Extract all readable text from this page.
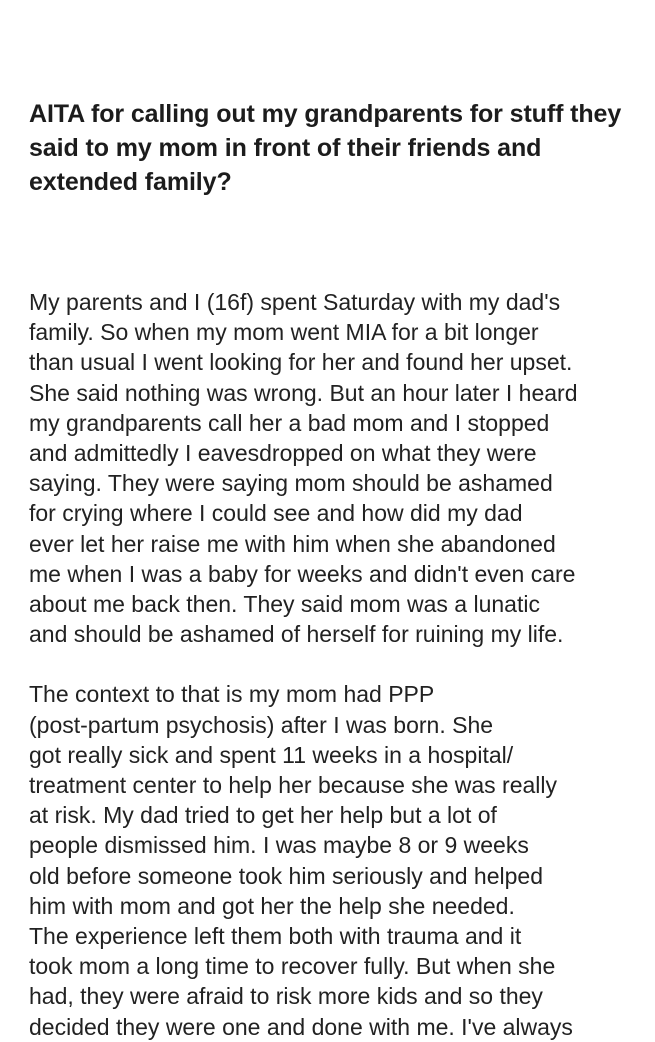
AITA for calling out my grandparents for stuff they said to my mom in front of their friends and extended family?

My parents and I (16f) spent Saturday with my dad's
family. So when my mom went MIA for a bit longer
than usual I went looking for her and found her upset.
She said nothing was wrong. But an hour later I heard
my grandparents call her a bad mom and I stopped
and admittedly I eavesdropped on what they were
saying. They were saying mom should be ashamed
for crying where I could see and how did my dad
ever let her raise me with him when she abandoned
me when I was a baby for weeks and didn't even care
about me back then. They said mom was a lunatic
and should be ashamed of herself for ruining my life.

The context to that is my mom had PPP
(post-partum psychosis) after I was born. She
got really sick and spent 11 weeks in a hospital/
treatment center to help her because she was really
at risk. My dad tried to get her help but a lot of
people dismissed him. I was maybe 8 or 9 weeks
old before someone took him seriously and helped
him with mom and got her the help she needed.
The experience left them both with trauma and it
took mom a long time to recover fully. But when she
had, they were afraid to risk more kids and so they
decided they were one and done with me. I've always
